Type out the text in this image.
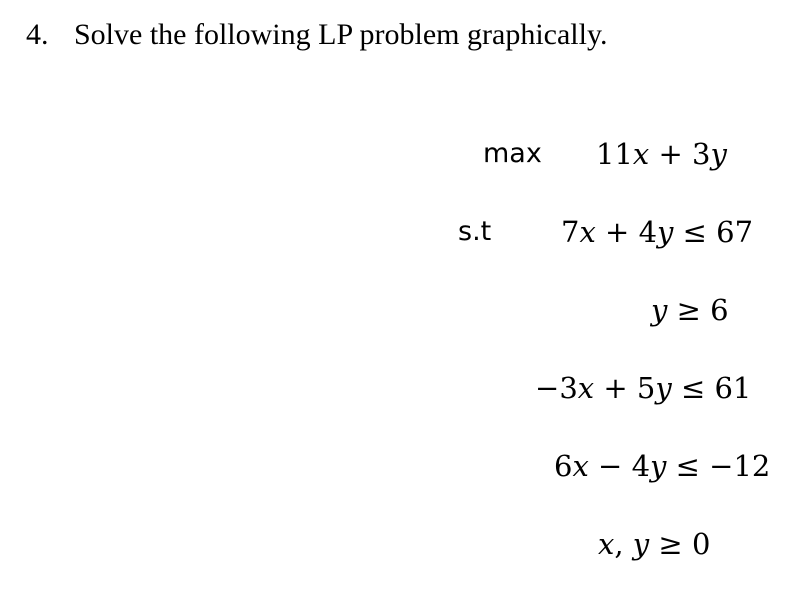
4. Solve the following LP problem graphically.
max 11x + 3y
s.t 7x + 4y ≤ 67
y ≥ 6
−3x + 5y ≤ 61
6x − 4y ≤ −12
x, y ≥ 0
